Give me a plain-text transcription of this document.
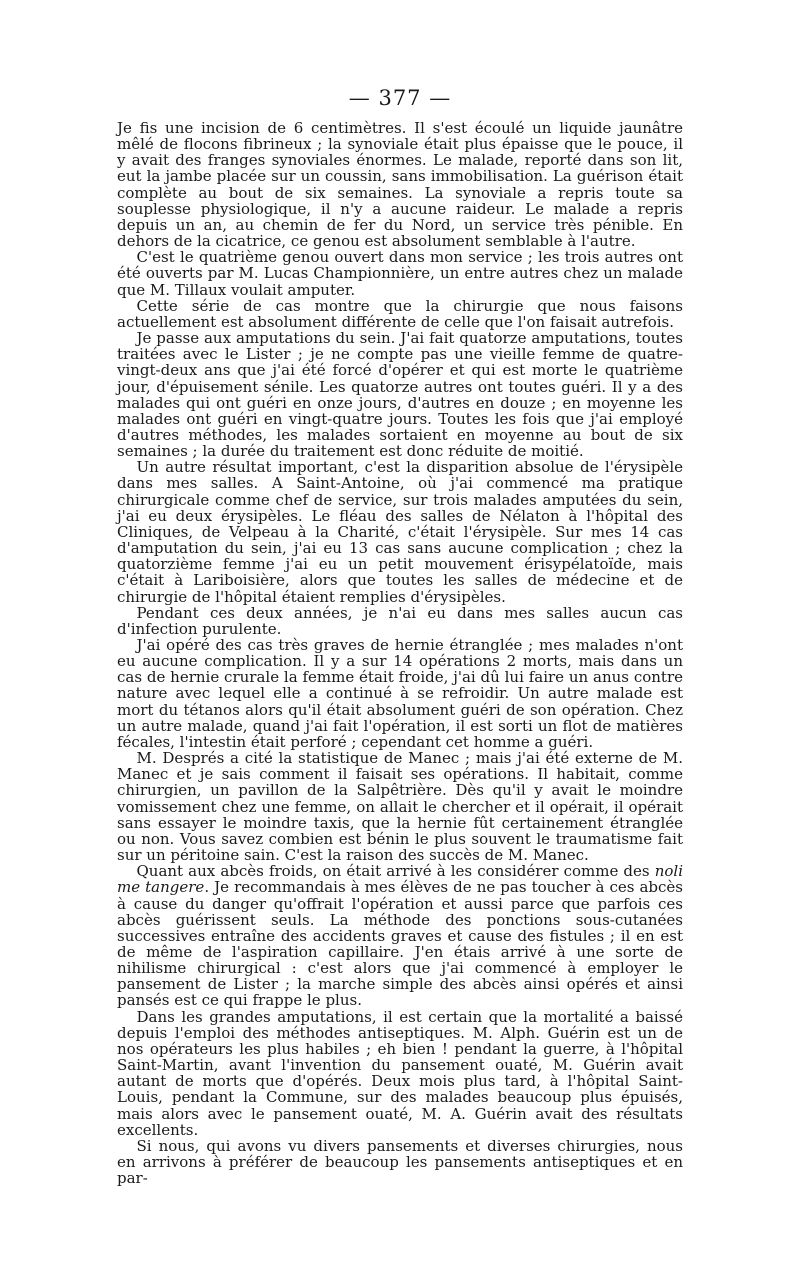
— 377 —

Je fis une incision de 6 centimètres. Il s'est écoulé un liquide jaunâtre mêlé de flocons fibrineux ; la synoviale était plus épaisse que le pouce, il y avait des franges synoviales énormes. Le malade, reporté dans son lit, eut la jambe placée sur un coussin, sans immobilisation. La guérison était complète au bout de six semaines. La synoviale a repris toute sa souplesse physiologique, il n'y a aucune raideur. Le malade a repris depuis un an, au chemin de fer du Nord, un service très pénible. En dehors de la cicatrice, ce genou est absolument semblable à l'autre.

C'est le quatrième genou ouvert dans mon service ; les trois autres ont été ouverts par M. Lucas Championnière, un entre autres chez un malade que M. Tillaux voulait amputer.

Cette série de cas montre que la chirurgie que nous faisons actuellement est absolument différente de celle que l'on faisait autrefois.

Je passe aux amputations du sein. J'ai fait quatorze amputations, toutes traitées avec le Lister ; je ne compte pas une vieille femme de quatre-vingt-deux ans que j'ai été forcé d'opérer et qui est morte le quatrième jour, d'épuisement sénile. Les quatorze autres ont toutes guéri. Il y a des malades qui ont guéri en onze jours, d'autres en douze ; en moyenne les malades ont guéri en vingt-quatre jours. Toutes les fois que j'ai employé d'autres méthodes, les malades sortaient en moyenne au bout de six semaines ; la durée du traitement est donc réduite de moitié.

Un autre résultat important, c'est la disparition absolue de l'érysipèle dans mes salles. A Saint-Antoine, où j'ai commencé ma pratique chirurgicale comme chef de service, sur trois malades amputées du sein, j'ai eu deux érysipèles. Le fléau des salles de Nélaton à l'hôpital des Cliniques, de Velpeau à la Charité, c'était l'érysipèle. Sur mes 14 cas d'amputation du sein, j'ai eu 13 cas sans aucune complication ; chez la quatorzième femme j'ai eu un petit mouvement érisypélatoïde, mais c'était à Lariboisière, alors que toutes les salles de médecine et de chirurgie de l'hôpital étaient remplies d'érysipèles.

Pendant ces deux années, je n'ai eu dans mes salles aucun cas d'infection purulente.

J'ai opéré des cas très graves de hernie étranglée ; mes malades n'ont eu aucune complication. Il y a sur 14 opérations 2 morts, mais dans un cas de hernie crurale la femme était froide, j'ai dû lui faire un anus contre nature avec lequel elle a continué à se refroidir. Un autre malade est mort du tétanos alors qu'il était absolument guéri de son opération. Chez un autre malade, quand j'ai fait l'opération, il est sorti un flot de matières fécales, l'intestin était perforé ; cependant cet homme a guéri.

M. Després a cité la statistique de Manec ; mais j'ai été externe de M. Manec et je sais comment il faisait ses opérations. Il habitait, comme chirurgien, un pavillon de la Salpêtrière. Dès qu'il y avait le moindre vomissement chez une femme, on allait le chercher et il opérait, il opérait sans essayer le moindre taxis, que la hernie fût certainement étranglée ou non. Vous savez combien est bénin le plus souvent le traumatisme fait sur un péritoine sain. C'est la raison des succès de M. Manec.

Quant aux abcès froids, on était arrivé à les considérer comme des noli me tangere. Je recommandais à mes élèves de ne pas toucher à ces abcès à cause du danger qu'offrait l'opération et aussi parce que parfois ces abcès guérissent seuls. La méthode des ponctions sous-cutanées successives entraîne des accidents graves et cause des fistules ; il en est de même de l'aspiration capillaire. J'en étais arrivé à une sorte de nihilisme chirurgical : c'est alors que j'ai commencé à employer le pansement de Lister ; la marche simple des abcès ainsi opérés et ainsi pansés est ce qui frappe le plus.

Dans les grandes amputations, il est certain que la mortalité a baissé depuis l'emploi des méthodes antiseptiques. M. Alph. Guérin est un de nos opérateurs les plus habiles ; eh bien ! pendant la guerre, à l'hôpital Saint-Martin, avant l'invention du pansement ouaté, M. Guérin avait autant de morts que d'opérés. Deux mois plus tard, à l'hôpital Saint-Louis, pendant la Commune, sur des malades beaucoup plus épuisés, mais alors avec le pansement ouaté, M. A. Guérin avait des résultats excellents.

Si nous, qui avons vu divers pansements et diverses chirurgies, nous en arrivons à préférer de beaucoup les pansements antiseptiques et en par-
